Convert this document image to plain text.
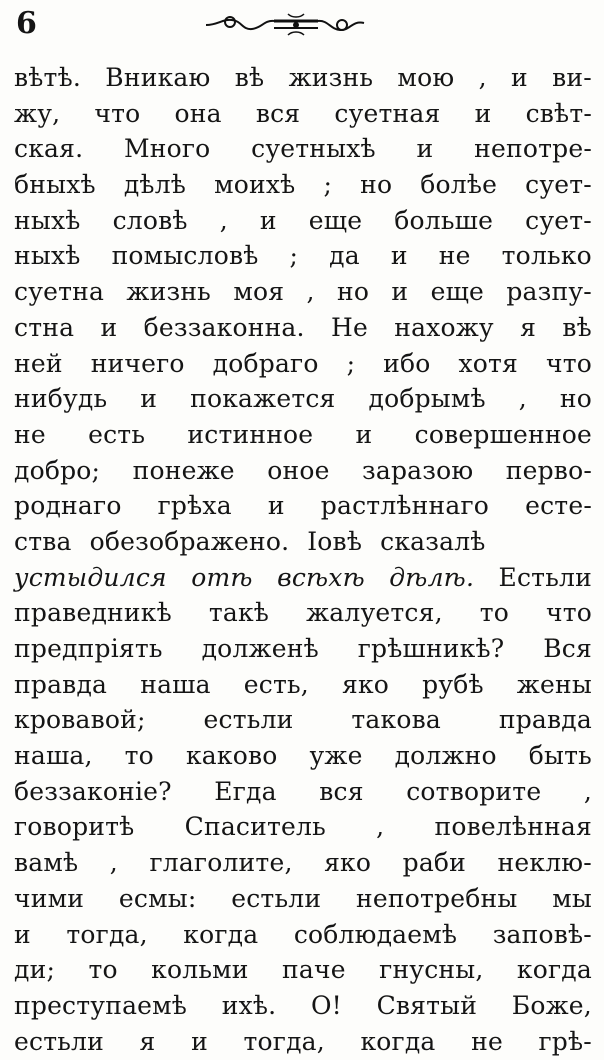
6
вѣтѣ. Вникаю вѣ жизнь мою , и ви-
жу, что она вся суетная и свѣт-
ская. Много суетныхѣ и непотре-
бныхѣ дѣлѣ моихѣ ; но болѣе сует-
ныхѣ словѣ , и еще больше сует-
ныхѣ помысловѣ ; да и не только
суетна жизнь моя , но и еще разпу-
стна и беззаконна. Не нахожу я вѣ
ней ничего добраго ; ибо хотя что
нибудь и покажется добрымѣ , но
не есть истинное и совершенное
добро; понеже оное заразою перво-
роднаго грѣха и растлѣннаго есте-
ства обезображено. Іовѣ сказалѣ
устыдился отѣ всѣхѣ дѣлѣ. Естьли
праведникѣ такѣ жалуется, то что
предпріять долженѣ грѣшникѣ? Вся
правда наша есть, яко рубѣ жены
кровавой; естьли такова правда
наша, то каково уже должно быть
беззаконіе? Егда вся сотворите ,
говоритѣ Спаситель , повелѣнная
вамѣ , глаголите, яко раби неклю-
чими есмы: естьли непотребны мы
и тогда, когда соблюдаемѣ заповѣ-
ди; то кольми паче гнусны, когда
преступаемѣ ихѣ. О! Святый Боже,
естьли я и тогда, когда не грѣ-
